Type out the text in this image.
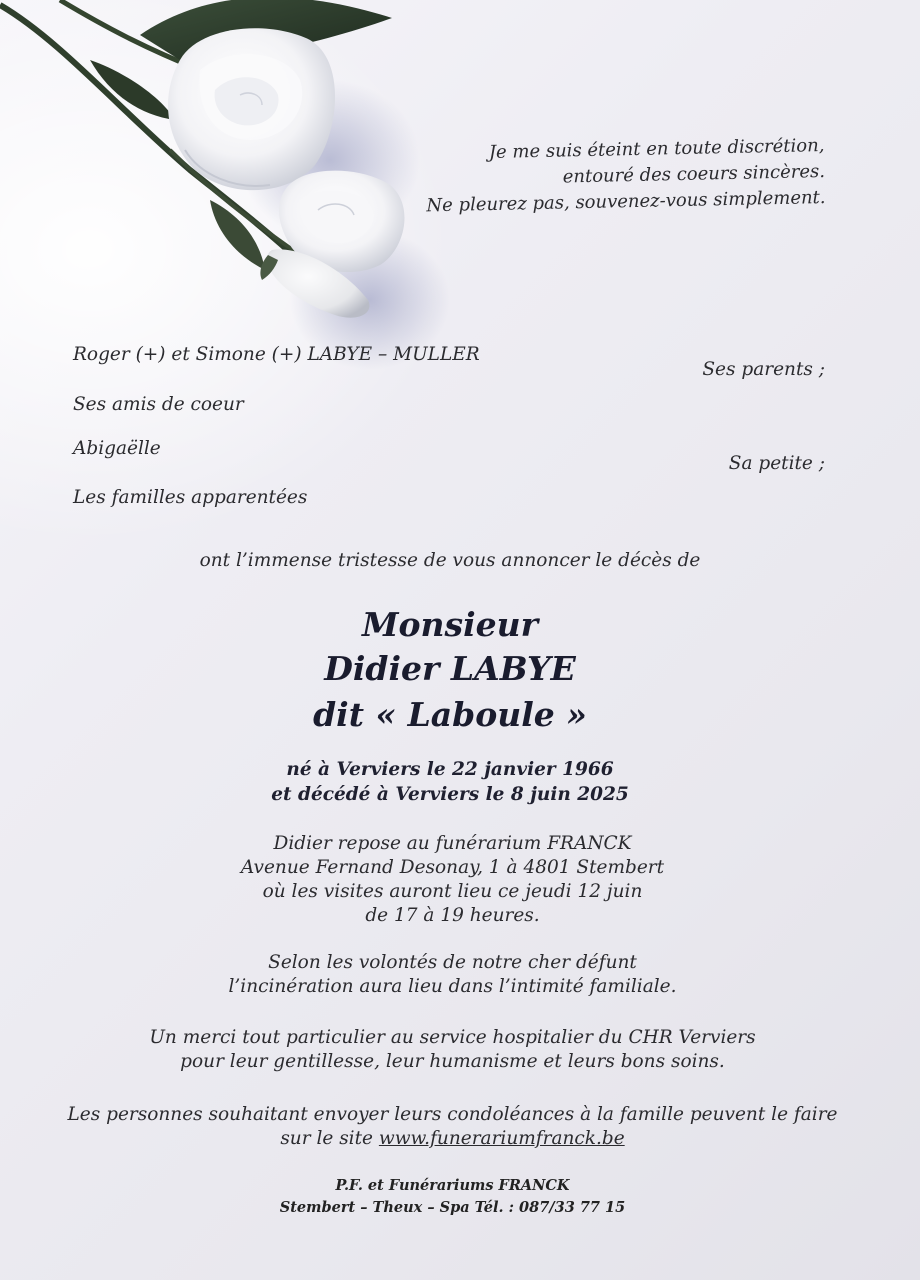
Je me suis éteint en toute discrétion,
entouré des coeurs sincères.
Ne pleurez pas, souvenez-vous simplement.

Roger (+) et Simone (+) LABYE – MULLER

Ses parents ;

Ses amis de coeur

Abigaëlle

Sa petite ;

Les familles apparentées

ont l’immense tristesse de vous annoncer le décès de

Monsieur
Didier LABYE
dit « Laboule »
né à Verviers le 22 janvier 1966
et décédé à Verviers le 8 juin 2025
Didier repose au funérarium FRANCK
Avenue Fernand Desonay, 1 à 4801 Stembert
où les visites auront lieu ce jeudi 12 juin
de 17 à 19 heures.
Selon les volontés de notre cher défunt
l’incinération aura lieu dans l’intimité familiale.
Un merci tout particulier au service hospitalier du CHR Verviers
pour leur gentillesse, leur humanisme et leurs bons soins.
Les personnes souhaitant envoyer leurs condoléances à la famille peuvent le faire
sur le site www.funerariumfranck.be
P.F. et Funérariums FRANCK
Stembert – Theux – Spa Tél. : 087/33 77 15
